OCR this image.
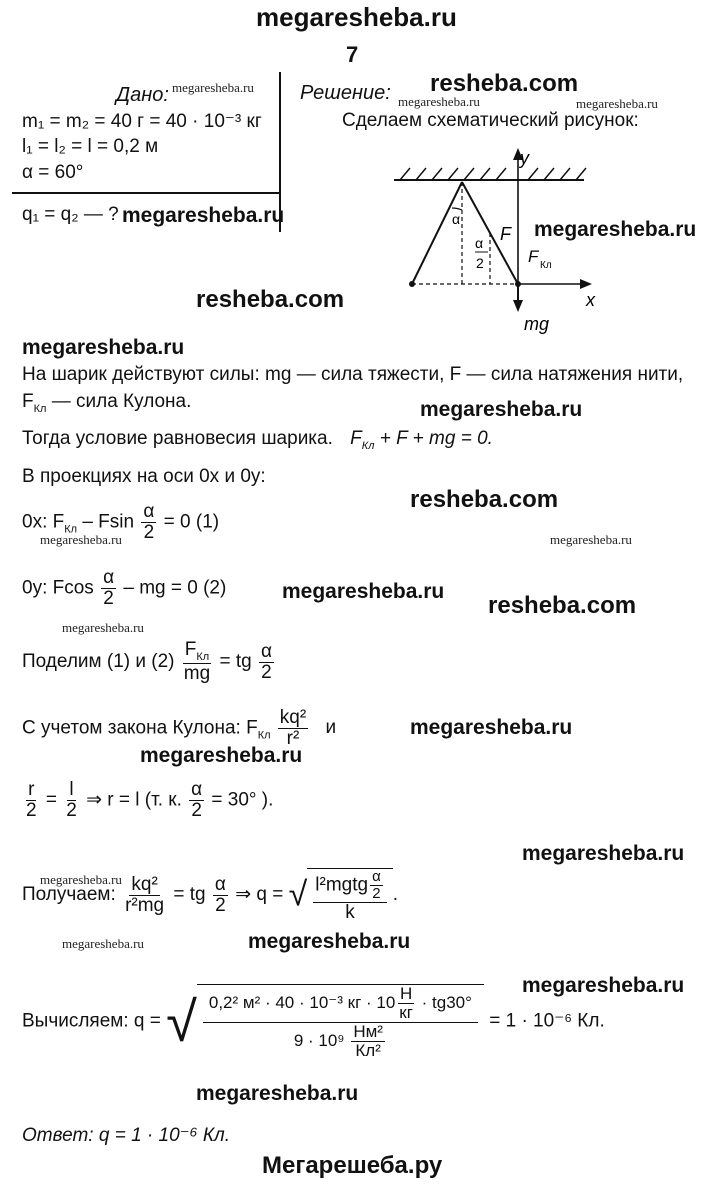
megaresheba.ru
7
Дано:
m₁ = m₂ = 40 г = 40 · 10⁻³ кг
l₁ = l₂ = l = 0,2 м
α = 60°
q₁ = q₂ — ?
Решение:
Сделаем схематический рисунок:
y
x
α
α
2
F
F Кл
mg
На шарик действуют силы: mg — сила тяжести, F — сила натяжения нити, $F_{Кл}$ — сила Кулона.
Тогда условие равновесия шарика. $F_{Кл} + F$ + mg = 0.
В проекциях на оси 0x и 0y:
0x: $F_{Кл} - Fsin \frac{\alpha}{2} = 0$ (1)
0y: Fcos $\frac{\alpha}{2}$ – mg = 0 (2)
Поделим (1) и $(2) \frac{F_{Кл}}{mg}$ = tg $\frac{\alpha}{2}$
С учетом закона Кулона: $F_{Кл} \frac{\text{kq²}}{\text{r²}}$ и
$\frac{r}{2} = \frac{l}{2}$ ⇒ r = l (т. к. $\frac{\alpha}{2} = 30^\circ$ ).
Получаем: $\frac{\text{kq²}}{\text{r²mg}}$ = tg $\frac{\alpha}{2}$ ⇒ q = √ $\frac{l^2mgtg \frac{\alpha}{2}}{k}$ .
Вычисляем: q = √ $\frac{0,2^2 м^2 \cdot 40 \cdot 10^{-3} кг \cdot 10 \frac{Н}{кг} \cdot tg30^\circ}{9 \cdot 10^9 \frac{\text{Нм²}}{\text{Кл²}}} = 1 \cdot 10^{-6}$ Кл.
Ответ: q = 1 · 10⁻⁶ Кл.
Мегарешеба.ру
megaresheba.ru	resheba.com
megaresheba.ru	megaresheba.ru
megaresheba.ru
megaresheba.ru
resheba.com
megaresheba.ru
megaresheba.ru
resheba.com
megaresheba.ru	megaresheba.ru
megaresheba.ru
resheba.com
megaresheba.ru
megaresheba.ru
megaresheba.ru
megaresheba.ru
megaresheba.ru
megaresheba.ru	megaresheba.ru
megaresheba.ru
megaresheba.ru
